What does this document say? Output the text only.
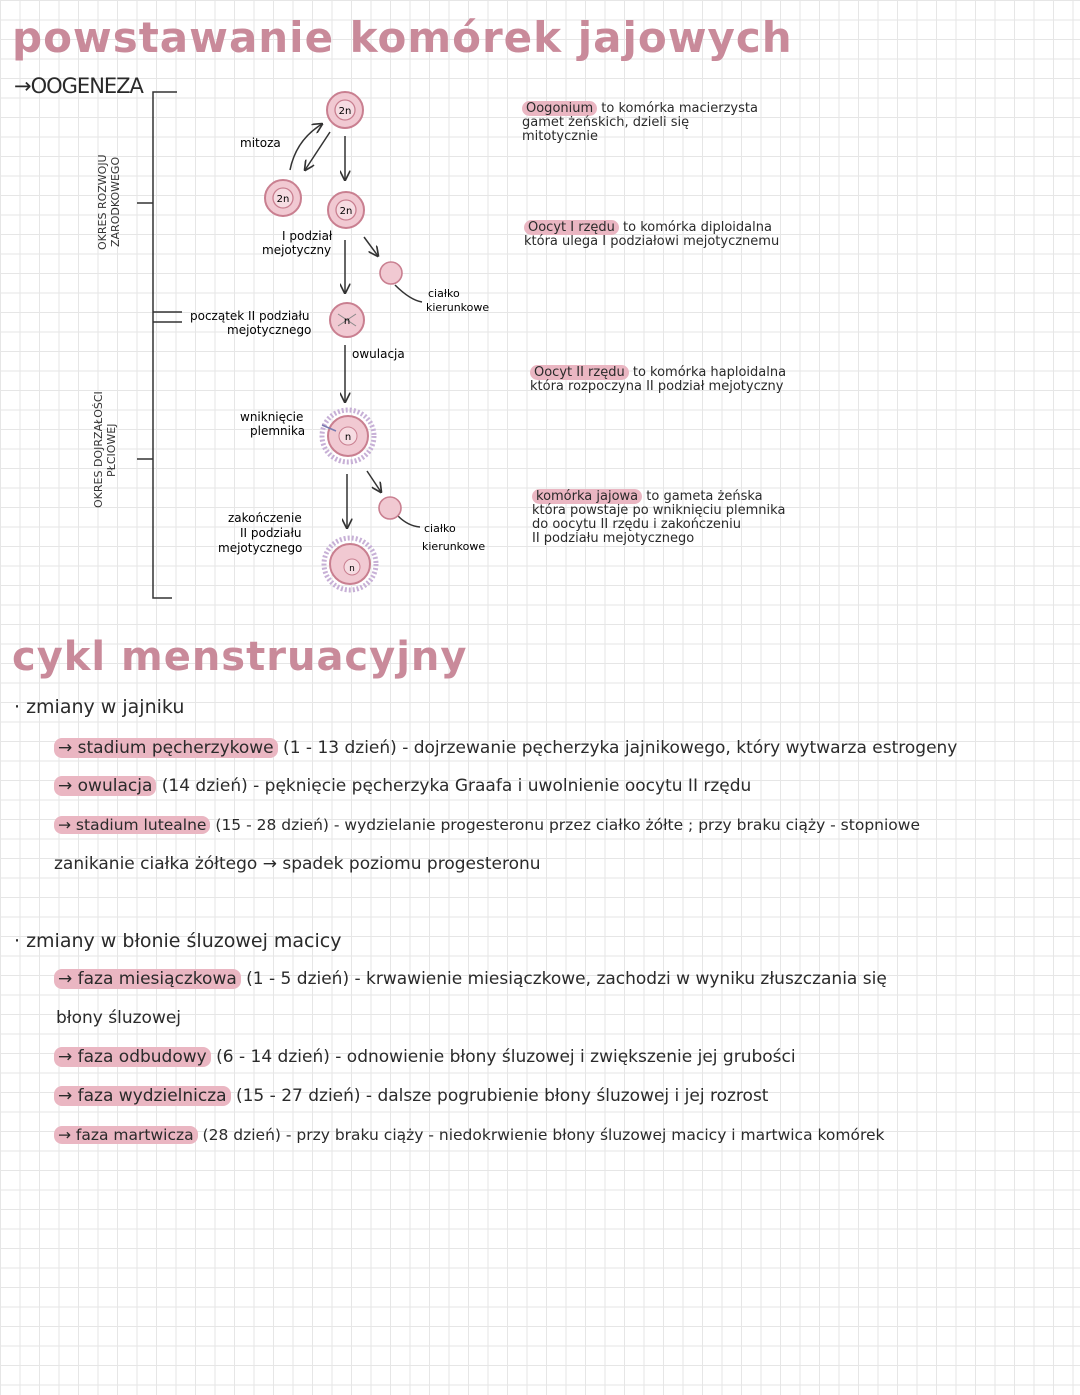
powstawanie komórek jajowych
→OOGENEZA
OKRES ROZWOJU
ZARODKOWEGO
OKRES DOJRZAŁOŚCI
PŁCIOWEJ
2n
2n
2n
n
n
n
mitoza
I podział
mejotyczny
początek II podziału
mejotycznego
owulacja
wniknięcie
plemnika
zakończenie
II podziału
mejotycznego
ciałko
kierunkowe
ciałko
kierunkowe
Oogonium to komórka macierzysta
gamet żeńskich, dzieli się
mitotycznie
Oocyt I rzędu to komórka diploidalna
która ulega I podziałowi mejotycznemu
Oocyt II rzędu to komórka haploidalna
która rozpoczyna II podział mejotyczny
komórka jajowa to gameta żeńska
która powstaje po wniknięciu plemnika
do oocytu II rzędu i zakończeniu
II podziału mejotycznego
cykl menstruacyjny
· zmiany w jajniku
→ stadium pęcherzykowe (1 - 13 dzień) - dojrzewanie pęcherzyka jajnikowego, który wytwarza estrogeny
→ owulacja (14 dzień) - pęknięcie pęcherzyka Graafa i uwolnienie oocytu II rzędu
→ stadium lutealne (15 - 28 dzień) - wydzielanie progesteronu przez ciałko żółte ; przy braku ciąży - stopniowe
zanikanie ciałka żółtego → spadek poziomu progesteronu
· zmiany w błonie śluzowej macicy
→ faza miesiączkowa (1 - 5 dzień) - krwawienie miesiączkowe, zachodzi w wyniku złuszczania się
błony śluzowej
→ faza odbudowy (6 - 14 dzień) - odnowienie błony śluzowej i zwiększenie jej grubości
→ faza wydzielnicza (15 - 27 dzień) - dalsze pogrubienie błony śluzowej i jej rozrost
→ faza martwicza (28 dzień) - przy braku ciąży - niedokrwienie błony śluzowej macicy i martwica komórek
